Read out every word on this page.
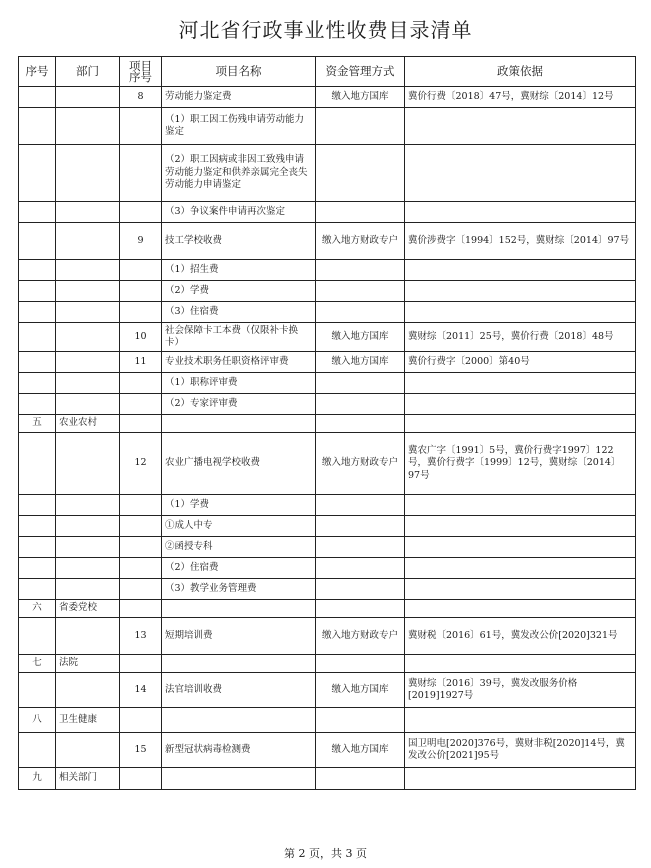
河北省行政事业性收费目录清单
序号	部门	项目序号	项目名称	资金管理方式	政策依据
		8	劳动能力鉴定费	缴入地方国库	冀价行费〔2018〕47号，冀财综〔2014〕12号
			（1）职工因工伤残申请劳动能力鉴定		
			（2）职工因病或非因工致残申请劳动能力鉴定和供养亲属完全丧失劳动能力申请鉴定		
			（3）争议案件申请再次鉴定		
		9	技工学校收费	缴入地方财政专户	冀价涉费字〔1994〕152号，冀财综〔2014〕97号
			（1）招生费		
			（2）学费		
			（3）住宿费		
		10	社会保障卡工本费（仅限补卡换卡）	缴入地方国库	冀财综〔2011〕25号，冀价行费〔2018〕48号
		11	专业技术职务任职资格评审费	缴入地方国库	冀价行费字〔2000〕第40号
			（1）职称评审费		
			（2）专家评审费		
五	农业农村				
		12	农业广播电视学校收费	缴入地方财政专户	冀农广字〔1991〕5号，冀价行费字1997〕122号，冀价行费字〔1999〕12号，冀财综〔2014〕97号
			（1）学费		
			①成人中专		
			②函授专科		
			（2）住宿费		
			（3）教学业务管理费		
六	省委党校				
		13	短期培训费	缴入地方财政专户	冀财税〔2016〕61号，冀发改公价[2020]321号
七	法院				
		14	法官培训收费	缴入地方国库	冀财综〔2016〕39号，冀发改服务价格[2019]1927号
八	卫生健康				
		15	新型冠状病毒检测费	缴入地方国库	国卫明电[2020]376号，冀财非税[2020]14号，冀发改公价[2021]95号
九	相关部门				
第 2 页，共 3 页
